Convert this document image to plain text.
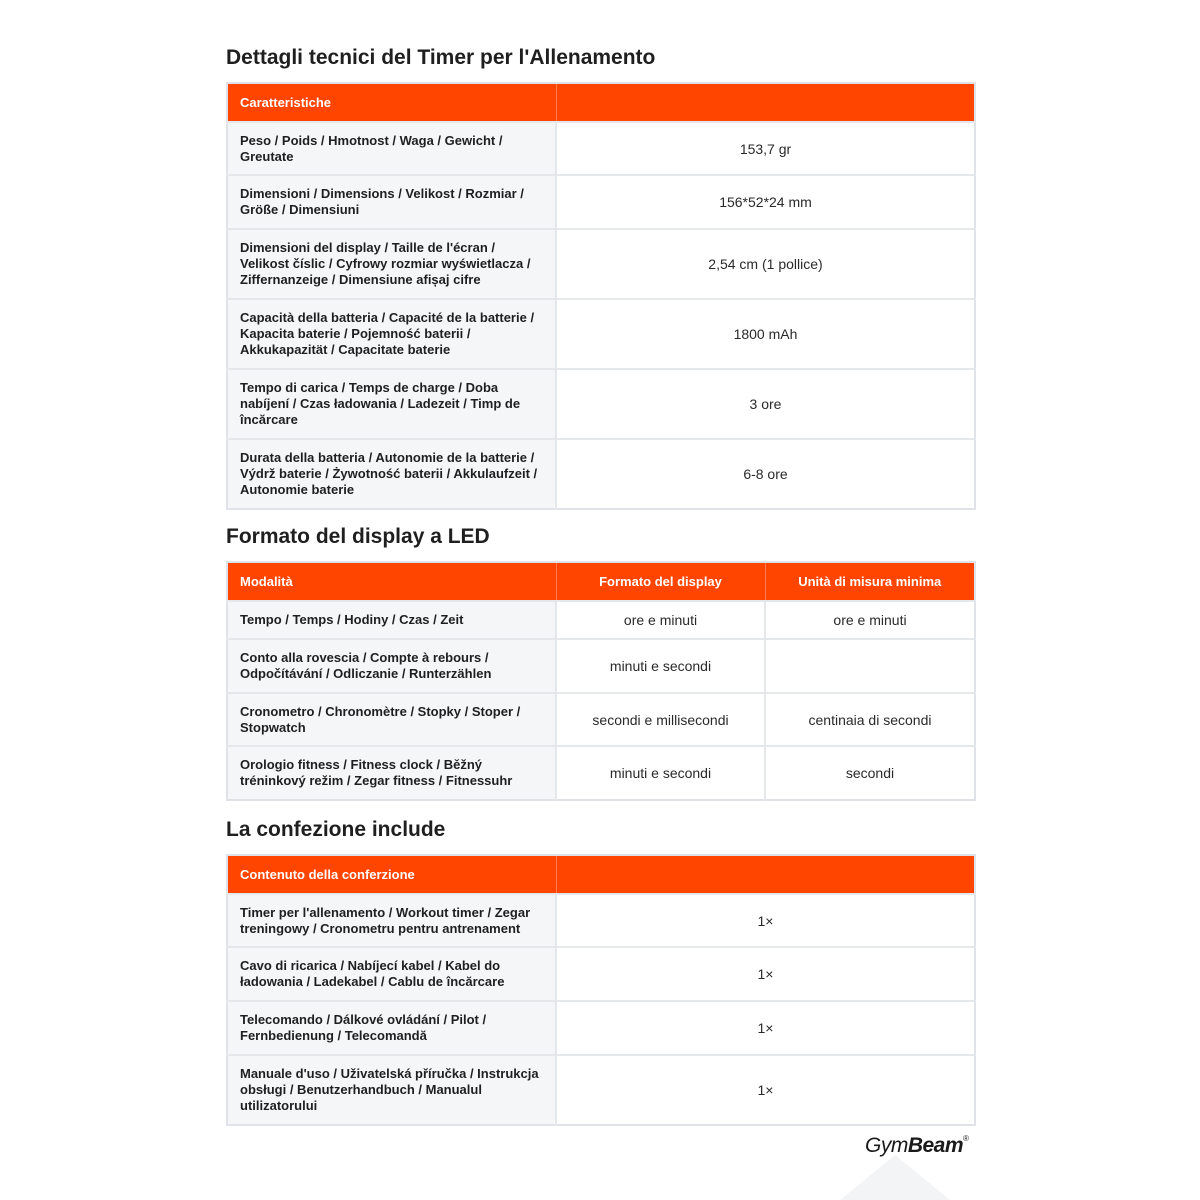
Dettagli tecnici del Timer per l'Allenamento
Caratteristiche	
Peso / Poids / Hmotnost / Waga / Gewicht / Greutate	153,7 gr
Dimensioni / Dimensions / Velikost / Rozmiar / Größe / Dimensiuni	156*52*24 mm
Dimensioni del display / Taille de l'écran / Velikost číslic / Cyfrowy rozmiar wyświetlacza / Ziffernanzeige / Dimensiune afișaj cifre	2,54 cm (1 pollice)
Capacità della batteria / Capacité de la batterie / Kapacita baterie / Pojemność baterii / Akkukapazität / Capacitate baterie	1800 mAh
Tempo di carica / Temps de charge / Doba nabíjení / Czas ładowania / Ladezeit / Timp de încărcare	3 ore
Durata della batteria / Autonomie de la batterie / Výdrž baterie / Żywotność baterii / Akkulaufzeit / Autonomie baterie	6-8 ore
Formato del display a LED
Modalità	Formato del display	Unità di misura minima
Tempo / Temps / Hodiny / Czas / Zeit	ore e minuti	ore e minuti
Conto alla rovescia / Compte à rebours / Odpočítávání / Odliczanie / Runterzählen	minuti e secondi	
Cronometro / Chronomètre / Stopky / Stoper / Stopwatch	secondi e millisecondi	centinaia di secondi
Orologio fitness / Fitness clock / Běžný tréninkový režim / Zegar fitness / Fitnessuhr	minuti e secondi	secondi
La confezione include
Contenuto della conferzione	
Timer per l'allenamento / Workout timer / Zegar treningowy / Cronometru pentru antrenament	1×
Cavo di ricarica / Nabíjecí kabel / Kabel do ładowania / Ladekabel / Cablu de încărcare	1×
Telecomando / Dálkové ovládání / Pilot / Fernbedienung / Telecomandă	1×
Manuale d'uso / Uživatelská příručka / Instrukcja obsługi / Benutzerhandbuch / Manualul utilizatorului	1×
GymBeam®
